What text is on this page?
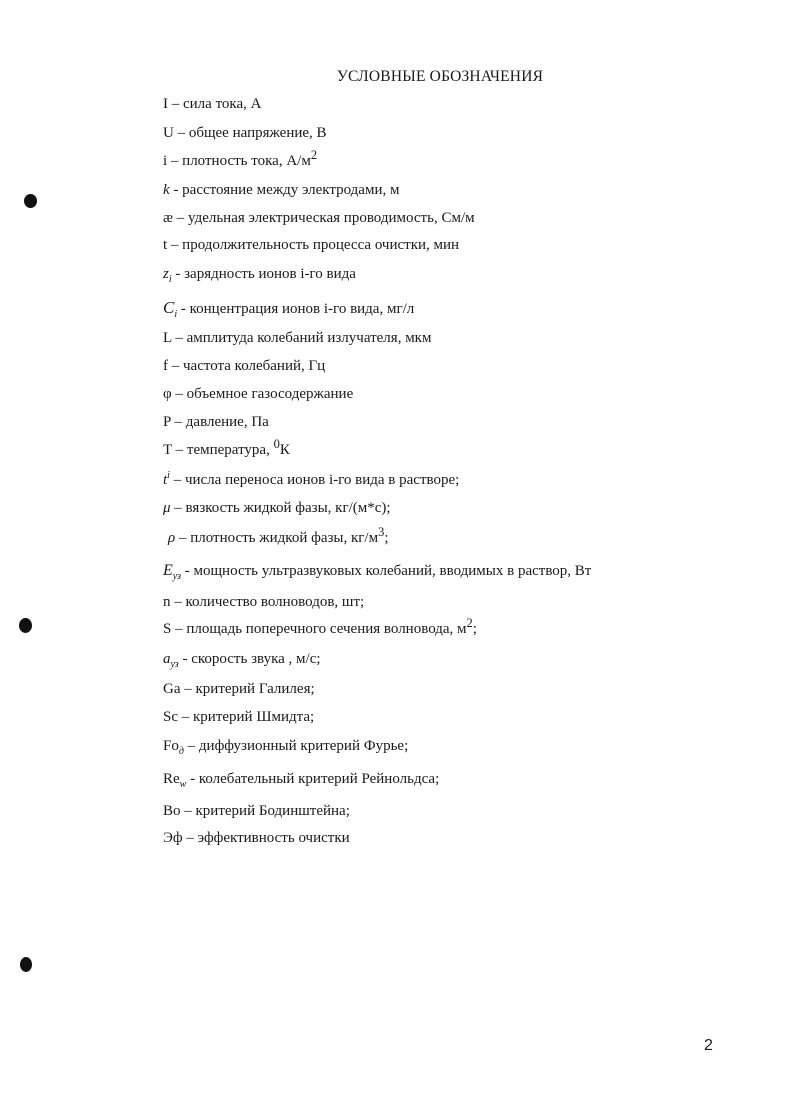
УСЛОВНЫЕ ОБОЗНАЧЕНИЯ
I – сила тока, А
U – общее напряжение, В
i – плотность тока, $А/м^2$
k - расстояние между электродами, м
æ – удельная электрическая проводимость, См/м
t – продолжительность процесса очистки, мин
$z_i$ - зарядность ионов i-го вида
$C_i$ - концентрация ионов i-го вида, мг/л
L – амплитуда колебаний излучателя, мкм
f – частота колебаний, Гц
φ – объемное газосодержание
P – давление, Па
T – температура, $^0$К
$t^i$ – числа переноса ионов i-го вида в растворе;
μ – вязкость жидкой фазы, кг/(м*с);
ρ – плотность жидкой фазы, $кг/м^3$;
$E_{уз}$ - мощность ультразвуковых колебаний, вводимых в раствор, Вт
n – количество волноводов, шт;
S – площадь поперечного сечения волновода, $м^2$;
$a_{уз}$ - скорость звука , м/с;
Ga – критерий Галилея;
Sc – критерий Шмидта;
$Fo_д$ – диффузионный критерий Фурье;
$Re_w$ - колебательный критерий Рейнольдса;
Bo – критерий Бодинштейна;
Эф – эффективность очистки
2
